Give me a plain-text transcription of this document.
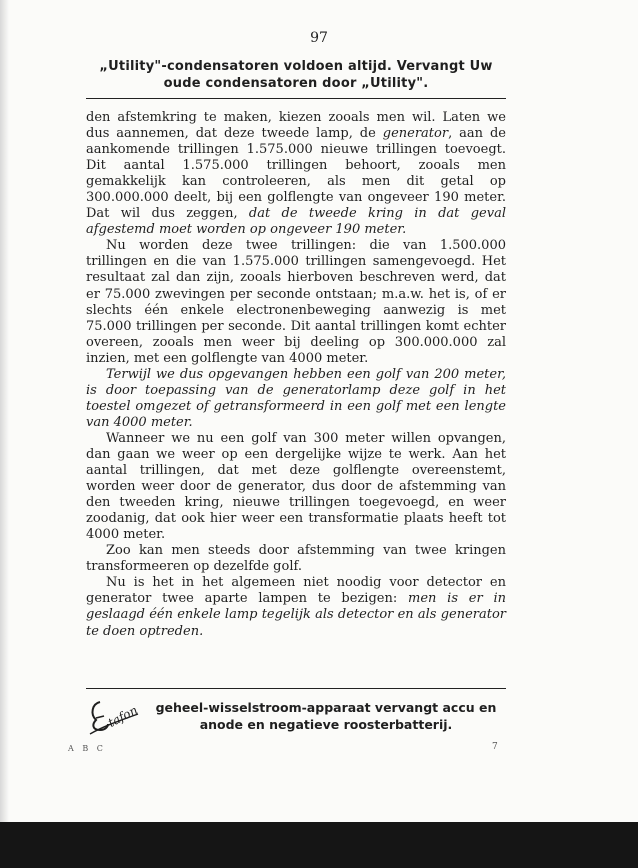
97
„Utility"-condensatoren voldoen altijd. Vervangt Uw
oude condensatoren door „Utility".

den afstemkring te maken, kiezen zooals men wil. Laten we dus aannemen, dat deze tweede lamp, de generator, aan de aankomende trillingen 1.575.000 nieuwe trillingen toevoegt. Dit aantal 1.575.000 trillingen behoort, zooals men gemakkelijk kan controleeren, als men dit getal op 300.000.000 deelt, bij een golflengte van ongeveer 190 meter. Dat wil dus zeggen, dat de tweede kring in dat geval afgestemd moet worden op ongeveer 190 meter.

Nu worden deze twee trillingen: die van 1.500.000 trillingen en die van 1.575.000 trillingen samengevoegd. Het resultaat zal dan zijn, zooals hierboven beschreven werd, dat er 75.000 zwevingen per seconde ontstaan; m.a.w. het is, of er slechts één enkele electronenbeweging aanwezig is met 75.000 trillingen per seconde. Dit aantal trillingen komt echter overeen, zooals men weer bij deeling op 300.000.000 zal inzien, met een golflengte van 4000 meter.

Terwijl we dus opgevangen hebben een golf van 200 meter, is door toepassing van de generatorlamp deze golf in het toestel omgezet of getransformeerd in een golf met een lengte van 4000 meter.

Wanneer we nu een golf van 300 meter willen opvangen, dan gaan we weer op een dergelijke wijze te werk. Aan het aantal trillingen, dat met deze golflengte overeenstemt, worden weer door de generator, dus door de afstemming van den tweeden kring, nieuwe trillingen toegevoegd, en weer zoodanig, dat ook hier weer een transformatie plaats heeft tot 4000 meter.

Zoo kan men steeds door afstemming van twee kringen transformeeren op dezelfde golf.

Nu is het in het algemeen niet noodig voor detector en generator twee aparte lampen te bezigen: men is er in geslaagd één enkele lamp tegelijk als detector en als generator te doen optreden.

tafon	geheel-wisselstroom-apparaat vervangt accu en
anode en negatieve roosterbatterij.
A B C	7
